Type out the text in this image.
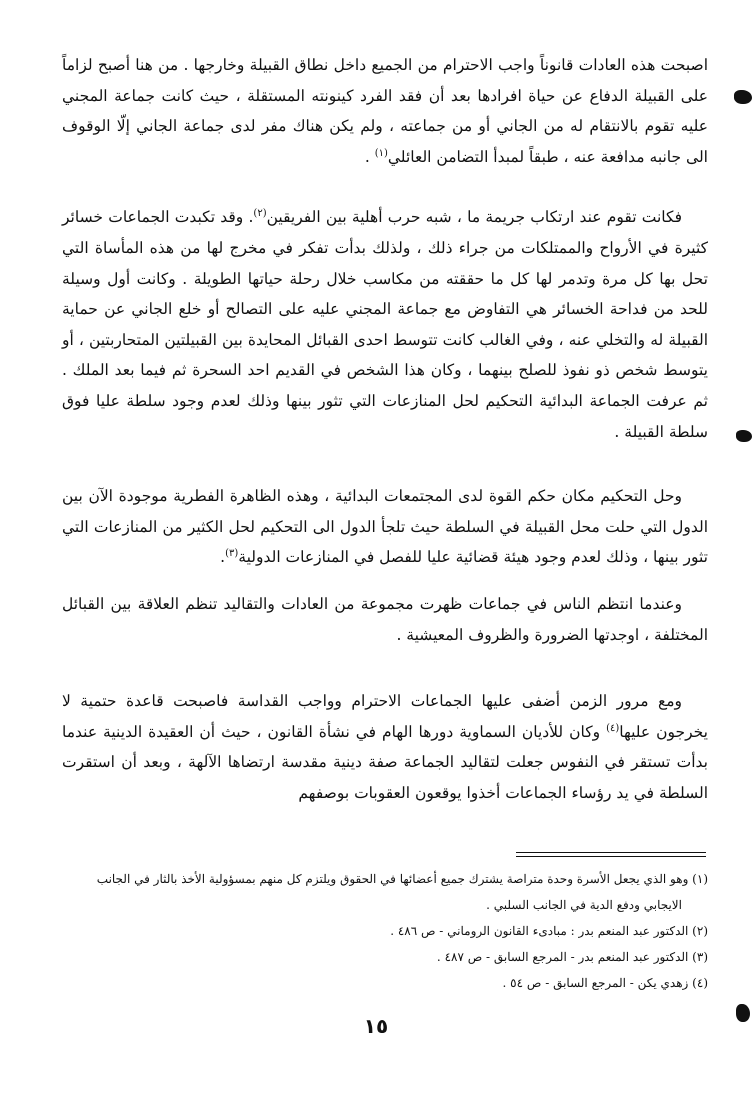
اصبحت هذه العادات قانوناً واجب الاحترام من الجميع داخل نطاق القبيلة وخارجها . من هنا أصبح لزاماً على القبيلة الدفاع عن حياة افرادها بعد أن فقد الفرد كينونته المستقلة ، حيث كانت جماعة المجني عليه تقوم بالانتقام له من الجاني أو من جماعته ، ولم يكن هناك مفر لدى جماعة الجاني إلّا الوقوف الى جانبه مدافعة عنه ، طبقاً لمبدأ التضامن العائلي$^{(١)}$ .

فكانت تقوم عند ارتكاب جريمة ما ، شبه حرب أهلية بين الفريقين$^{(٢)}$. وقد تكبدت الجماعات خسائر كثيرة في الأرواح والممتلكات من جراء ذلك ، ولذلك بدأت تفكر في مخرج لها من هذه المأساة التي تحل بها كل مرة وتدمر لها كل ما حققته من مكاسب خلال رحلة حياتها الطويلة . وكانت أول وسيلة للحد من فداحة الخسائر هي التفاوض مع جماعة المجني عليه على التصالح أو خلع الجاني عن حماية القبيلة له والتخلي عنه ، وفي الغالب كانت تتوسط احدى القبائل المحايدة بين القبيلتين المتحاربتين ، أو يتوسط شخص ذو نفوذ للصلح بينهما ، وكان هذا الشخص في القديم احد السحرة ثم فيما بعد الملك . ثم عرفت الجماعة البدائية التحكيم لحل المنازعات التي تثور بينها وذلك لعدم وجود سلطة عليا فوق سلطة القبيلة .

وحل التحكيم مكان حكم القوة لدى المجتمعات البدائية ، وهذه الظاهرة الفطرية موجودة الآن بين الدول التي حلت محل القبيلة في السلطة حيث تلجأ الدول الى التحكيم لحل الكثير من المنازعات التي تثور بينها ، وذلك لعدم وجود هيئة قضائية عليا للفصل في المنازعات الدولية$^{(٣)}$.

وعندما انتظم الناس في جماعات ظهرت مجموعة من العادات والتقاليد تنظم العلاقة بين القبائل المختلفة ، اوجدتها الضرورة والظروف المعيشية .

ومع مرور الزمن أضفى عليها الجماعات الاحترام وواجب القداسة فاصبحت قاعدة حتمية لا يخرجون عليها$^{(٤)}$ وكان للأديان السماوية دورها الهام في نشأة القانون ، حيث أن العقيدة الدينية عندما بدأت تستقر في النفوس جعلت لتقاليد الجماعة صفة دينية مقدسة ارتضاها الآلهة ، وبعد أن استقرت السلطة في يد رؤساء الجماعات أخذوا يوقعون العقوبات بوصفهم

(١) وهو الذي يجعل الأسرة وحدة متراصة يشترك جميع أعضائها في الحقوق ويلتزم كل منهم بمسؤولية الأخذ بالثار في الجانب

الايجابي ودفع الدية في الجانب السلبي .

(٢) الدكتور عبد المنعم بدر : مبادىء القانون الروماني - ص ٤٨٦ .

(٣) الدكتور عبد المنعم بدر - المرجع السابق - ص ٤٨٧ .

(٤) زهدي يكن - المرجع السابق - ص ٥٤ .

١٥
